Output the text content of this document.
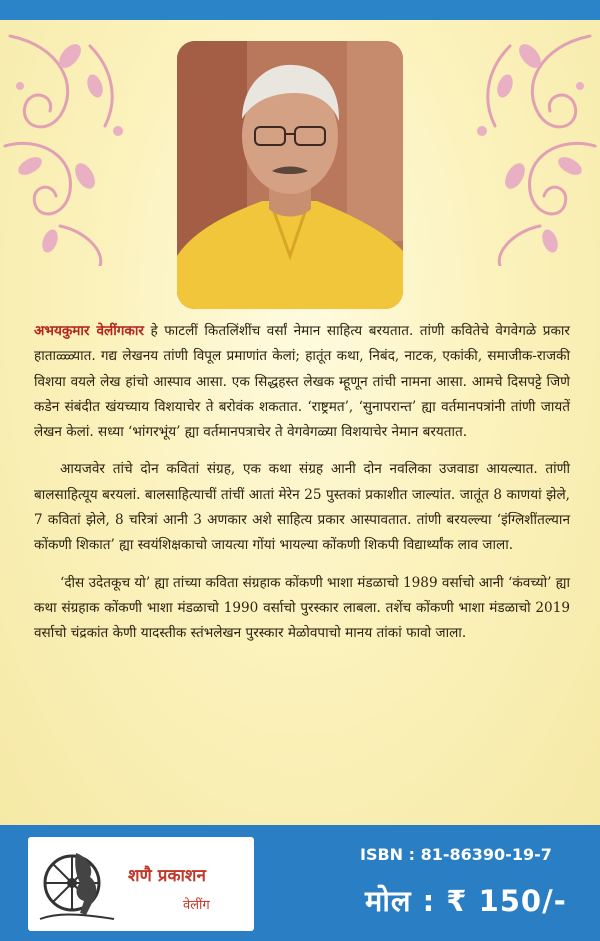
अभयकुमार वेलींगकार हे फाटलीं कितलिंशींच वर्सां नेमान साहित्य बरयतात. तांणी कवितेचे वेगवेगळे प्रकार हाताळ्ळ्यात. गद्य लेखनय तांणी विपूल प्रमाणांत केलां; हातूंत कथा, निबंद, नाटक, एकांकी, समाजीक-राजकी विशया वयले लेख हांचो आस्पाव आसा. एक सिद्धहस्त लेखक म्हूणून तांची नामना आसा. आमचे दिसपट्टे जिणे कडेन संबंदीत खंयच्याय विशयाचेर ते बरोवंक शकतात. ‘राष्ट्रमत’, ‘सुनापरान्त’ ह्या वर्तमानपत्रांनी तांणी जायतें लेखन केलां. सध्या ‘भांगरभूंय’ ह्या वर्तमानपत्राचेर ते वेगवेगळ्या विशयाचेर नेमान बरयतात.

आयजवेर तांचे दोन कवितां संग्रह, एक कथा संग्रह आनी दोन नवलिका उजवाडा आयल्यात. तांणी बालसाहित्यूय बरयलां. बालसाहित्याचीं तांचीं आतां मेरेन 25 पुस्तकां प्रकाशीत जाल्यांत. जातूंत 8 काणयां झेले, 7 कवितां झेले, 8 चरित्रां आनी 3 अणकार अशे साहित्य प्रकार आस्पावतात. तांणी बरयल्ल्या ‘इंग्लिशींतल्यान कोंकणी शिकात’ ह्या स्वयंशिक्षकाचो जायत्या गोंयां भायल्या कोंकणी शिकपी विद्यार्थ्यांक लाव जाला.

‘दीस उदेतकूच यो’ ह्या तांच्या कविता संग्रहाक कोंकणी भाशा मंडळाचो 1989 वर्साचो आनी ‘कंवच्यो’ ह्या कथा संग्रहाक कोंकणी भाशा मंडळाचो 1990 वर्साचो पुरस्कार लाबला. तशेंच कोंकणी भाशा मंडळाचो 2019 वर्साचो चंद्रकांत केणी यादस्तीक स्तंभलेखन पुरस्कार मेळोवपाचो मानय तांकां फावो जाला.

शणै प्रकाशन
वेलींग
ISBN : 81-86390-19-7
मोल : ₹ 150/-
